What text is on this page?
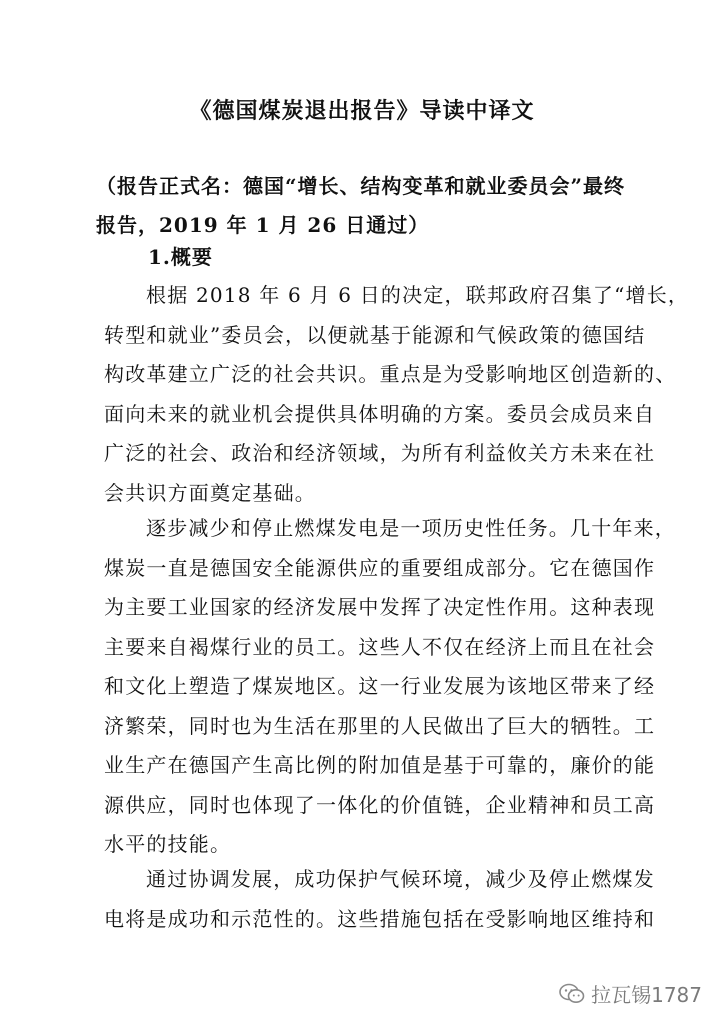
《德国煤炭退出报告》导读中译文
（报告正式名：德国“增长、结构变革和就业委员会”最终
报告，2019 年 1 月 26 日通过）
1.概要
根据 2018 年 6 月 6 日的决定，联邦政府召集了“增长，
转型和就业”委员会，以便就基于能源和气候政策的德国结
构改革建立广泛的社会共识。重点是为受影响地区创造新的、
面向未来的就业机会提供具体明确的方案。委员会成员来自
广泛的社会、政治和经济领域，为所有利益攸关方未来在社
会共识方面奠定基础。
逐步减少和停止燃煤发电是一项历史性任务。几十年来，
煤炭一直是德国安全能源供应的重要组成部分。它在德国作
为主要工业国家的经济发展中发挥了决定性作用。这种表现
主要来自褐煤行业的员工。这些人不仅在经济上而且在社会
和文化上塑造了煤炭地区。这一行业发展为该地区带来了经
济繁荣，同时也为生活在那里的人民做出了巨大的牺牲。工
业生产在德国产生高比例的附加值是基于可靠的，廉价的能
源供应，同时也体现了一体化的价值链，企业精神和员工高
水平的技能。
通过协调发展，成功保护气候环境，减少及停止燃煤发
电将是成功和示范性的。这些措施包括在受影响地区维持和
拉瓦锡1787
